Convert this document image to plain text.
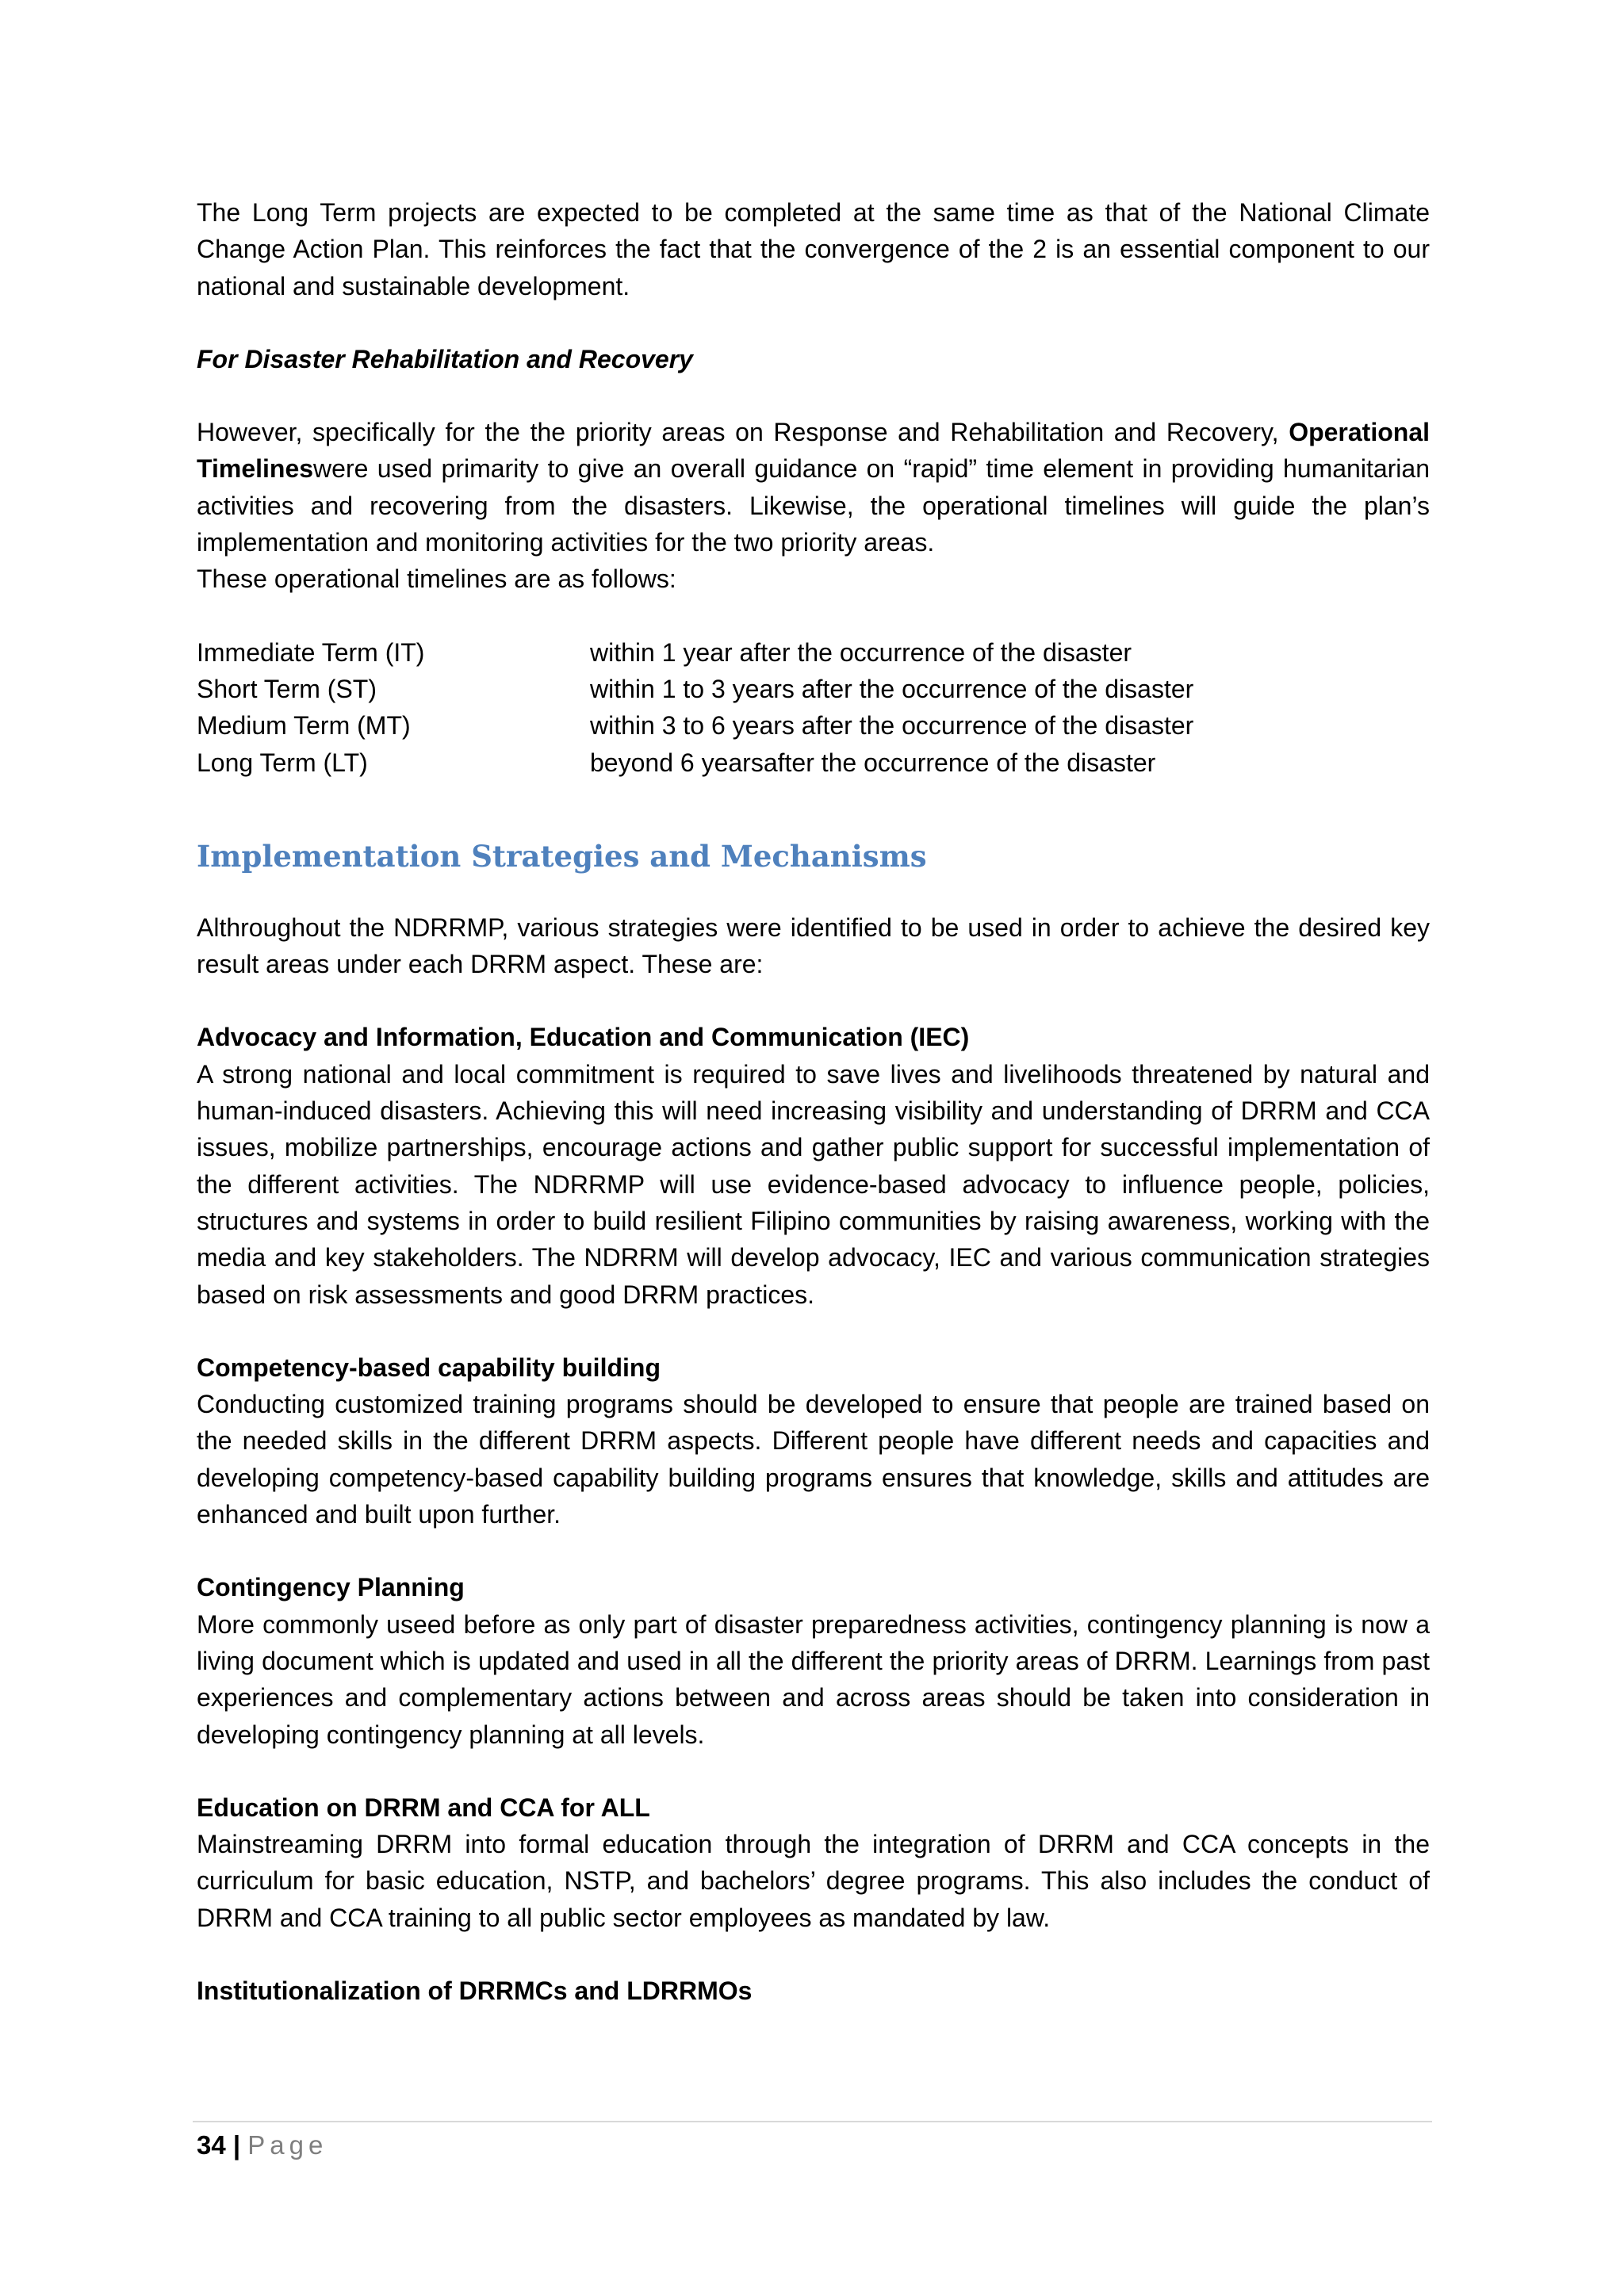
The Long Term projects are expected to be completed at the same time as that of the National Climate Change Action Plan. This reinforces the fact that the convergence of the 2 is an essential component to our national and sustainable development.

For Disaster Rehabilitation and Recovery

However, specifically for the the priority areas on Response and Rehabilitation and Recovery, Operational Timelineswere used primarity to give an overall guidance on “rapid” time element in providing humanitarian activities and recovering from the disasters. Likewise, the operational timelines will guide the plan’s implementation and monitoring activities for the two priority areas.

These operational timelines are as follows:

Immediate Term (IT)	within 1 year after the occurrence of the disaster
Short Term (ST)	within 1 to 3 years after the occurrence of the disaster
Medium Term (MT)	within 3 to 6 years after the occurrence of the disaster
Long Term (LT)	beyond 6 yearsafter the occurrence of the disaster
Implementation Strategies and Mechanisms

Althroughout the NDRRMP, various strategies were identified to be used in order to achieve the desired key result areas under each DRRM aspect. These are:

Advocacy and Information, Education and Communication (IEC)

A strong national and local commitment is required to save lives and livelihoods threatened by natural and human-induced disasters. Achieving this will need increasing visibility and understanding of DRRM and CCA issues, mobilize partnerships, encourage actions and gather public support for successful implementation of the different activities. The NDRRMP will use evidence-based advocacy to influence people, policies, structures and systems in order to build resilient Filipino communities by raising awareness, working with the media and key stakeholders. The NDRRM will develop advocacy, IEC and various communication strategies based on risk assessments and good DRRM practices.

Competency-based capability building

Conducting customized training programs should be developed to ensure that people are trained based on the needed skills in the different DRRM aspects. Different people have different needs and capacities and developing competency-based capability building programs ensures that knowledge, skills and attitudes are enhanced and built upon further.

Contingency Planning

More commonly useed before as only part of disaster preparedness activities, contingency planning is now a living document which is updated and used in all the different the priority areas of DRRM. Learnings from past experiences and complementary actions between and across areas should be taken into consideration in developing contingency planning at all levels.

Education on DRRM and CCA for ALL

Mainstreaming DRRM into formal education through the integration of DRRM and CCA concepts in the curriculum for basic education, NSTP, and bachelors’ degree programs. This also includes the conduct of DRRM and CCA training to all public sector employees as mandated by law.

Institutionalization of DRRMCs and LDRRMOs

34 | Page
